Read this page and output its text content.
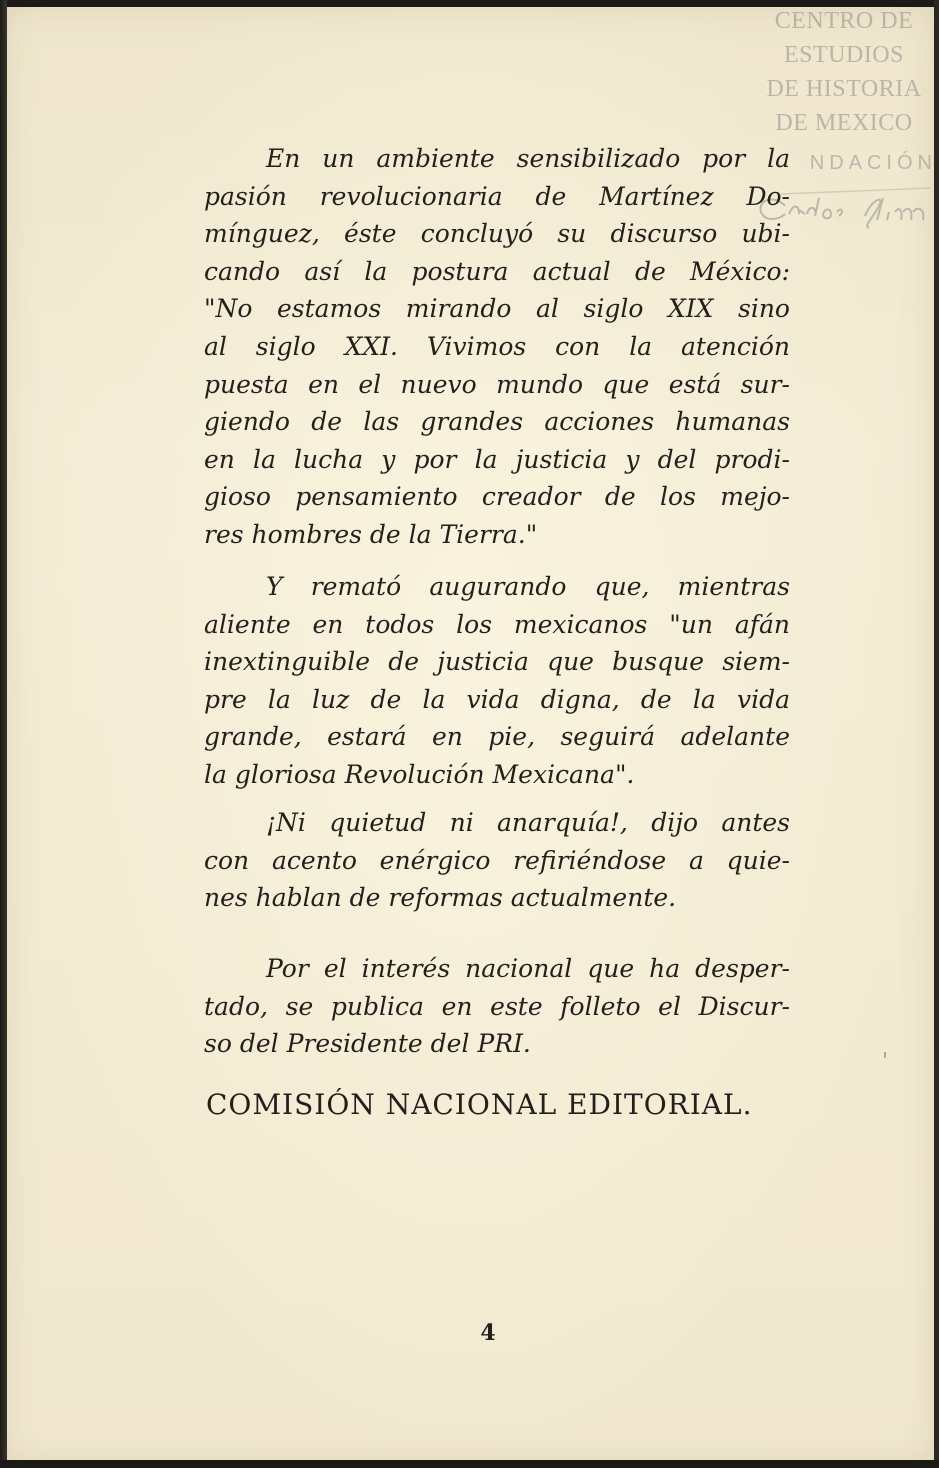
CENTRO DE
ESTUDIOS
DE HISTORIA
DE MEXICO
NDACIÓN
En un ambiente sensibilizado por la
pasión revolucionaria de Martínez Do-
mínguez, éste concluyó su discurso ubi-
cando así la postura actual de México:
"No estamos mirando al siglo XIX sino
al siglo XXI. Vivimos con la atención
puesta en el nuevo mundo que está sur-
giendo de las grandes acciones humanas
en la lucha y por la justicia y del prodi-
gioso pensamiento creador de los mejo-
res hombres de la Tierra."
Y remató augurando que, mientras
aliente en todos los mexicanos "un afán
inextinguible de justicia que busque siem-
pre la luz de la vida digna, de la vida
grande, estará en pie, seguirá adelante
la gloriosa Revolución Mexicana".
¡Ni quietud ni anarquía!, dijo antes
con acento enérgico refiriéndose a quie-
nes hablan de reformas actualmente.
Por el interés nacional que ha desper-
tado, se publica en este folleto el Discur-
so del Presidente del PRI.
COMISIÓN NACIONAL EDITORIAL.
4
